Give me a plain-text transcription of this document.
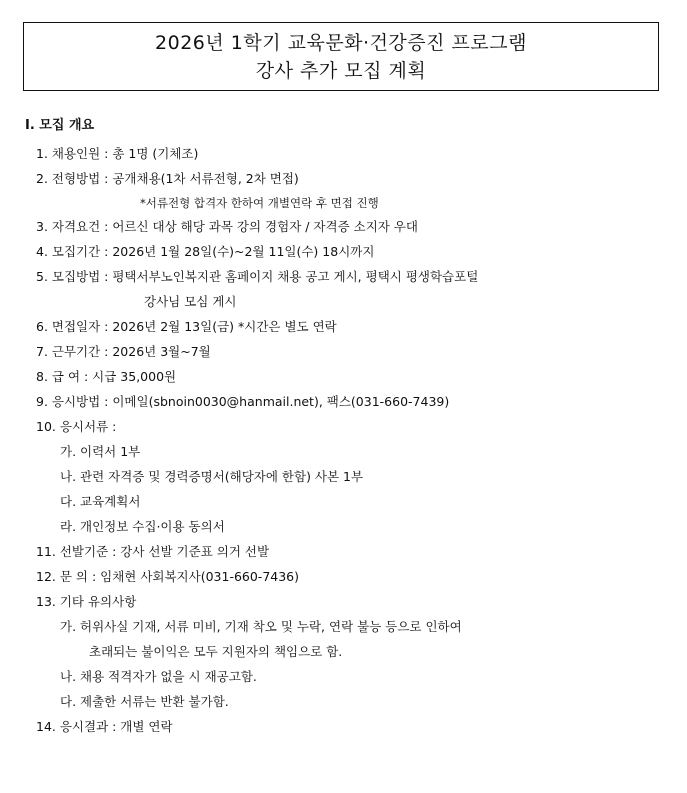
2026년 1학기 교육문화·건강증진 프로그램
강사 추가 모집 계획
Ⅰ. 모집 개요
1. 채용인원 : 총 1명 (기체조)
2. 전형방법 : 공개채용(1차 서류전형, 2차 면접)
*서류전형 합격자 한하여 개별연락 후 면접 진행
3. 자격요건 : 어르신 대상 해당 과목 강의 경험자 / 자격증 소지자 우대
4. 모집기간 : 2026년 1월 28일(수)~2월 11일(수) 18시까지
5. 모집방법 : 평택서부노인복지관 홈페이지 채용 공고 게시, 평택시 평생학습포털
강사님 모심 게시
6. 면접일자 : 2026년 2월 13일(금) *시간은 별도 연락
7. 근무기간 : 2026년 3월~7월
8. 급 여 : 시급 35,000원
9. 응시방법 : 이메일(sbnoin0030@hanmail.net), 팩스(031-660-7439)
10. 응시서류 :
가. 이력서 1부
나. 관련 자격증 및 경력증명서(해당자에 한함) 사본 1부
다. 교육계획서
라. 개인정보 수집·이용 동의서
11. 선발기준 : 강사 선발 기준표 의거 선발
12. 문 의 : 임채현 사회복지사(031-660-7436)
13. 기타 유의사항
가. 허위사실 기재, 서류 미비, 기재 착오 및 누락, 연락 불능 등으로 인하여
초래되는 불이익은 모두 지원자의 책임으로 함.
나. 채용 적격자가 없을 시 재공고함.
다. 제출한 서류는 반환 불가함.
14. 응시결과 : 개별 연락
